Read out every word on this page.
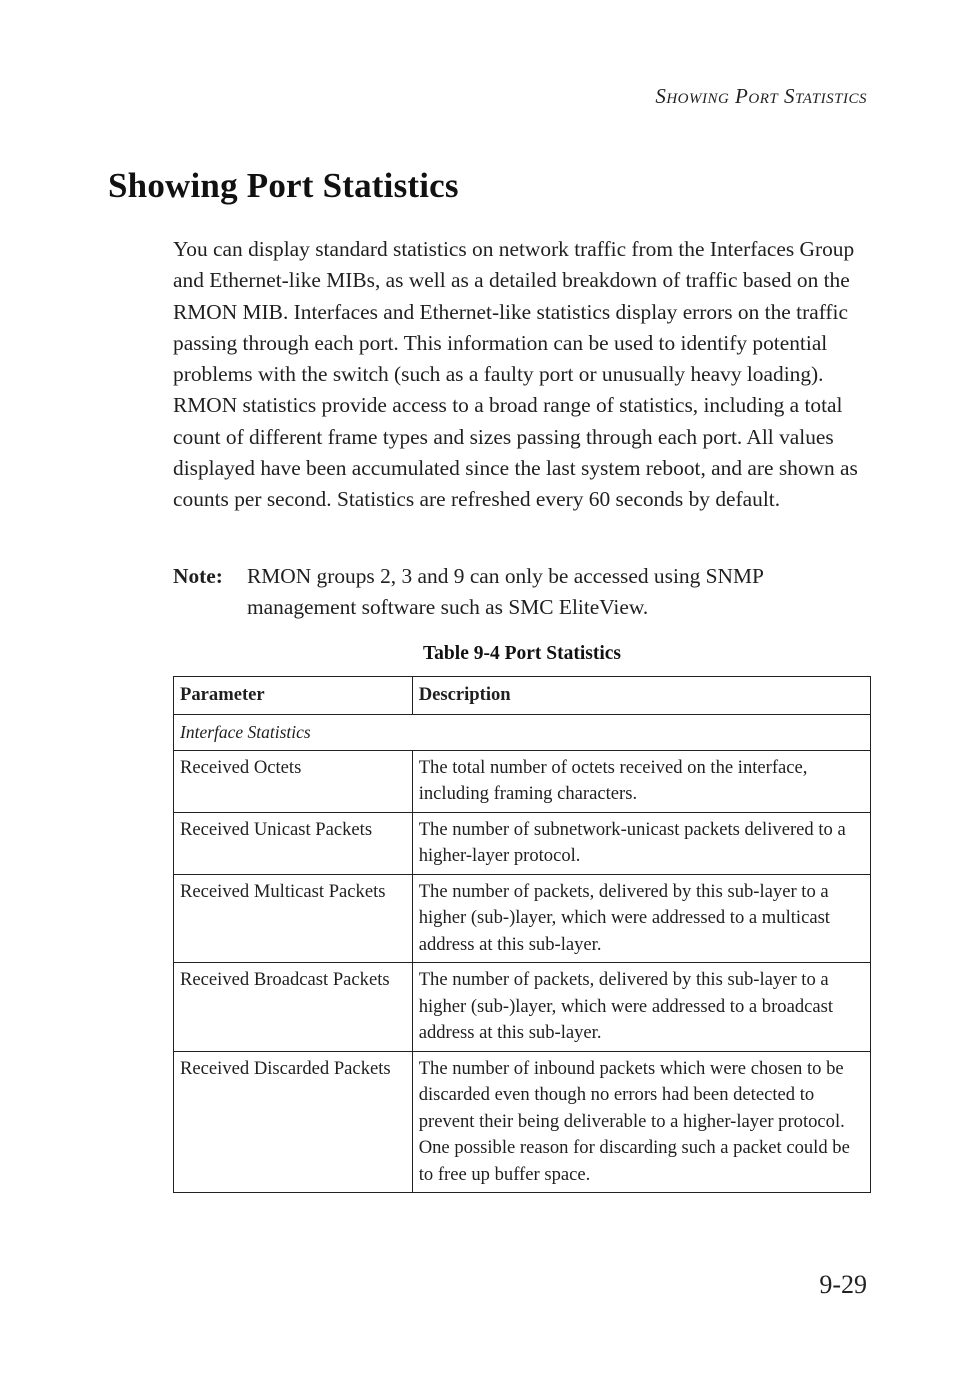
Showing Port Statistics
Showing Port Statistics

You can display standard statistics on network traffic from the Interfaces Group and Ethernet-like MIBs, as well as a detailed breakdown of traffic based on the RMON MIB. Interfaces and Ethernet-like statistics display errors on the traffic passing through each port. This information can be used to identify potential problems with the switch (such as a faulty port or unusually heavy loading). RMON statistics provide access to a broad range of statistics, including a total count of different frame types and sizes passing through each port. All values displayed have been accumulated since the last system reboot, and are shown as counts per second. Statistics are refreshed every 60 seconds by default.

Note: RMON groups 2, 3 and 9 can only be accessed using SNMP management software such as SMC EliteView.
Table 9-4 Port Statistics
Parameter	Description
Interface Statistics	
Received Octets	The total number of octets received on the interface, including framing characters.
Received Unicast Packets	The number of subnetwork-unicast packets delivered to a higher-layer protocol.
Received Multicast Packets	The number of packets, delivered by this sub-layer to a higher (sub-)layer, which were addressed to a multicast address at this sub-layer.
Received Broadcast Packets	The number of packets, delivered by this sub-layer to a higher (sub-)layer, which were addressed to a broadcast address at this sub-layer.
Received Discarded Packets	The number of inbound packets which were chosen to be discarded even though no errors had been detected to prevent their being deliverable to a higher-layer protocol. One possible reason for discarding such a packet could be to free up buffer space.
9-29
